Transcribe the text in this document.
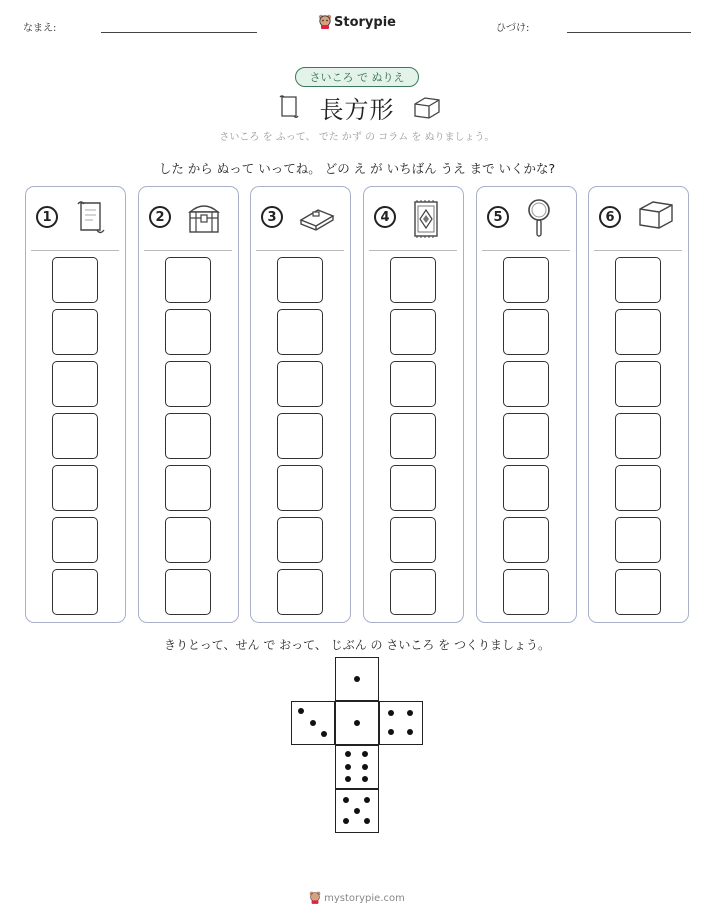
なまえ:	ひづけ:
Storypie
さいころ で ぬりえ
長方形
さいころ を ふって、 でた かず の コラム を ぬりましょう。
した から ぬって いってね。 どの え が いちばん うえ まで いくかな?
1	2	3	4	5	6
きりとって、せん で おって、 じぶん の さいころ を つくりましょう。
mystorypie.com
